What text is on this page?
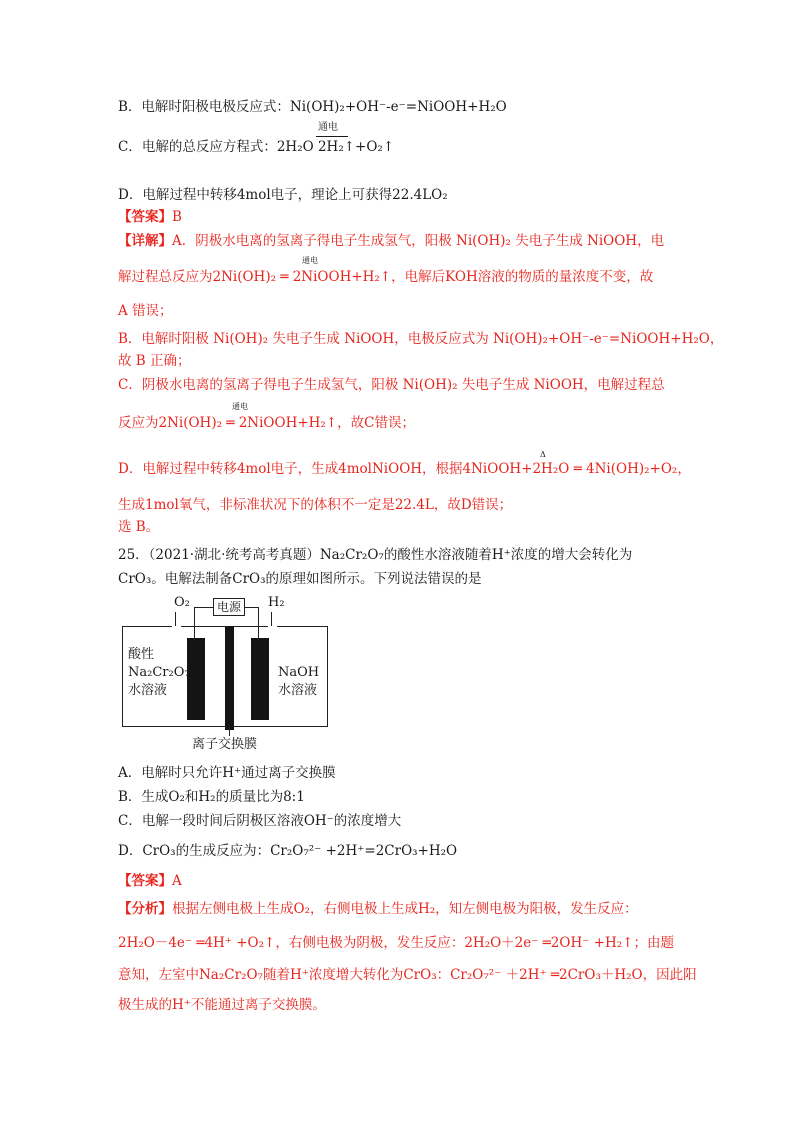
B．电解时阳极电极反应式：Ni(OH)₂+OH⁻-e⁻=NiOOH+H₂O
通电
C．电解的总反应方程式：2H₂O 2H₂↑+O₂↑
D．电解过程中转移4mol电子，理论上可获得22.4LO₂
【答案】B
【详解】A．阴极水电离的氢离子得电子生成氢气，阳极 Ni(OH)₂ 失电子生成 NiOOH，电
通电
解过程总反应为2Ni(OH)₂ ═ 2NiOOH+H₂↑，电解后KOH溶液的物质的量浓度不变，故
A 错误；
B．电解时阳极 Ni(OH)₂ 失电子生成 NiOOH，电极反应式为 Ni(OH)₂+OH⁻-e⁻=NiOOH+H₂O，
故 B 正确；
C．阴极水电离的氢离子得电子生成氢气，阳极 Ni(OH)₂ 失电子生成 NiOOH，电解过程总
通电
反应为2Ni(OH)₂ ═ 2NiOOH+H₂↑，故C错误；
Δ
D．电解过程中转移4mol电子，生成4molNiOOH，根据4NiOOH+2H₂O ═ 4Ni(OH)₂+O₂，
生成1mol氧气，非标准状况下的体积不一定是22.4L，故D错误；
选 B。
25．（2021·湖北·统考高考真题）Na₂Cr₂O₇的酸性水溶液随着H⁺浓度的增大会转化为
CrO₃。电解法制备CrO₃的原理如图所示。下列说法错误的是
O₂	H₂
电源
酸性
Na₂Cr₂O₇
水溶液
NaOH
水溶液
离子交换膜
A．电解时只允许H⁺通过离子交换膜
B．生成O₂和H₂的质量比为8:1
C．电解一段时间后阴极区溶液OH⁻的浓度增大
D．CrO₃的生成反应为：Cr₂O₇²⁻ +2H⁺=2CrO₃+H₂O
【答案】A
【分析】根据左侧电极上生成O₂，右侧电极上生成H₂，知左侧电极为阳极，发生反应：
2H₂O－4e⁻ ═4H⁺ +O₂↑，右侧电极为阴极，发生反应：2H₂O＋2e⁻ ═2OH⁻ +H₂↑；由题
意知，左室中Na₂Cr₂O₇随着H⁺浓度增大转化为CrO₃：Cr₂O₇²⁻ ＋2H⁺ ═2CrO₃＋H₂O，因此阳
极生成的H⁺不能通过离子交换膜。
